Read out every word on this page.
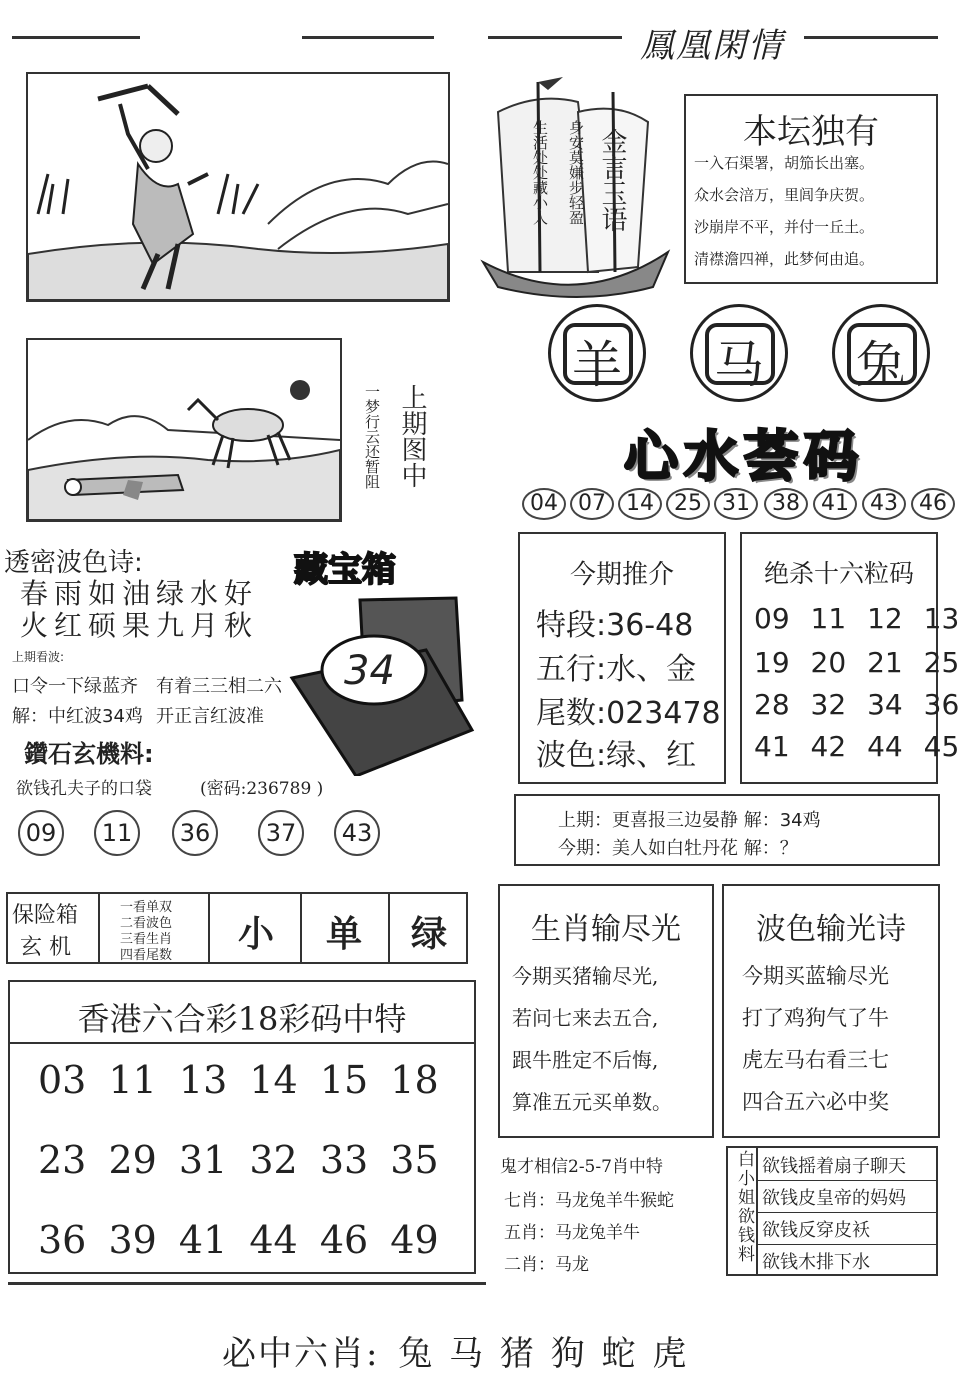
鳳凰閑情
生活处处藏小人 身安莫嫌步轻盈 金言玉语	本坛独有
一入石渠署，胡笳长出塞。
众水会涪万，里闾争庆贺。
沙崩岸不平，并付一丘土。
清襟澹四禅，此梦何由追。
上期图中
一梦行云还暂阻
羊	马	兔
心水荟码
04 07 14 25 31	38 41 43 46
透密波色诗:
春雨如油绿水好
火红硕果九月秋
上期看波:
口令一下绿蓝齐 有着三三相二六
解：中红波34鸡 开正言红波准
藏宝箱
34
鑽石玄機料:
欲钱孔夫子的口袋	(密码:236789 )
09	11	36	37	43
今期推介
特段:36-48
五行:水、金
尾数:023478
波色:绿、红
绝杀十六粒码
09 11 12 13
19 20 21 25
28 32 34 36
41 42 44 45
上期：更喜报三边晏静 解：34鸡
今期：美人如白牡丹花 解：？
保险箱
玄 机
一看单双
二看波色
三看生肖
四看尾数
小	单	绿
香港六合彩18彩码中特
03 11 13 14 15 18
23 29 31 32 33 35
36 39 41 44 46 49
生肖输尽光
今期买猪输尽光,
若问七来去五合,
跟牛胜定不后悔,
算准五元买单数。
波色输光诗
今期买蓝输尽光
打了鸡狗气了牛
虎左马右看三七
四合五六必中奖
鬼才相信2-5-7肖中特
七肖：马龙兔羊牛猴蛇
五肖：马龙兔羊牛
二肖：马龙
白小姐欲钱料 欲钱摇着扇子聊天
欲钱皮皇帝的妈妈
欲钱反穿皮袄
欲钱木排下水
必中六肖: 兔 马 猪 狗 蛇 虎
